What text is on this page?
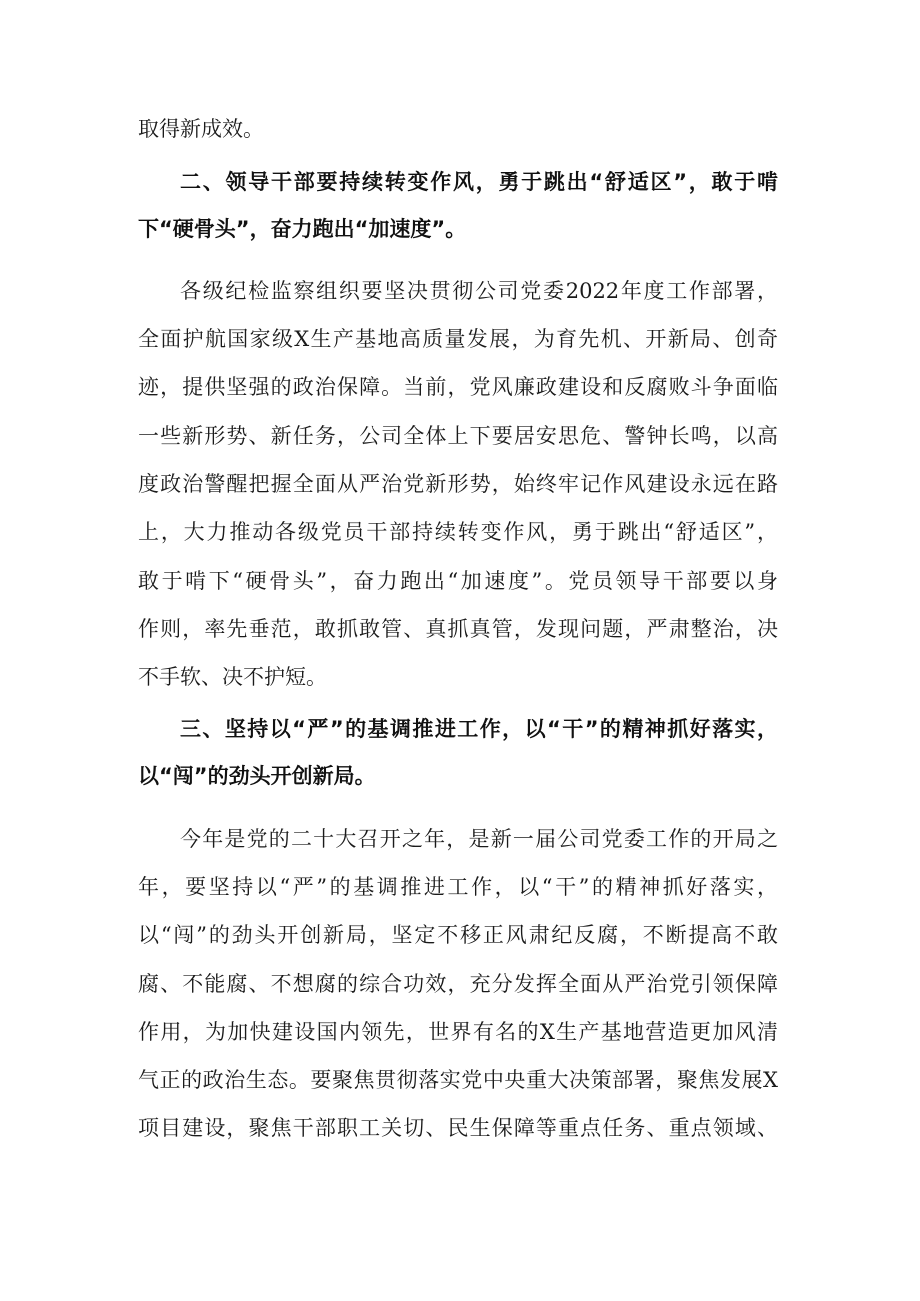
取得新成效。
二、领导干部要持续转变作风，勇于跳出“舒适区”，敢于啃
下“硬骨头”，奋力跑出“加速度”。
各级纪检监察组织要坚决贯彻公司党委2022年度工作部署，
全面护航国家级X生产基地高质量发展，为育先机、开新局、创奇
迹，提供坚强的政治保障。当前，党风廉政建设和反腐败斗争面临
一些新形势、新任务，公司全体上下要居安思危、警钟长鸣，以高
度政治警醒把握全面从严治党新形势，始终牢记作风建设永远在路
上，大力推动各级党员干部持续转变作风，勇于跳出“舒适区”，
敢于啃下“硬骨头”，奋力跑出“加速度”。党员领导干部要以身
作则，率先垂范，敢抓敢管、真抓真管，发现问题，严肃整治，决
不手软、决不护短。
三、坚持以“严”的基调推进工作，以“干”的精神抓好落实，
以“闯”的劲头开创新局。
今年是党的二十大召开之年，是新一届公司党委工作的开局之
年，要坚持以“严”的基调推进工作，以“干”的精神抓好落实，
以“闯”的劲头开创新局，坚定不移正风肃纪反腐，不断提高不敢
腐、不能腐、不想腐的综合功效，充分发挥全面从严治党引领保障
作用，为加快建设国内领先，世界有名的X生产基地营造更加风清
气正的政治生态。要聚焦贯彻落实党中央重大决策部署，聚焦发展X
项目建设，聚焦干部职工关切、民生保障等重点任务、重点领域、
